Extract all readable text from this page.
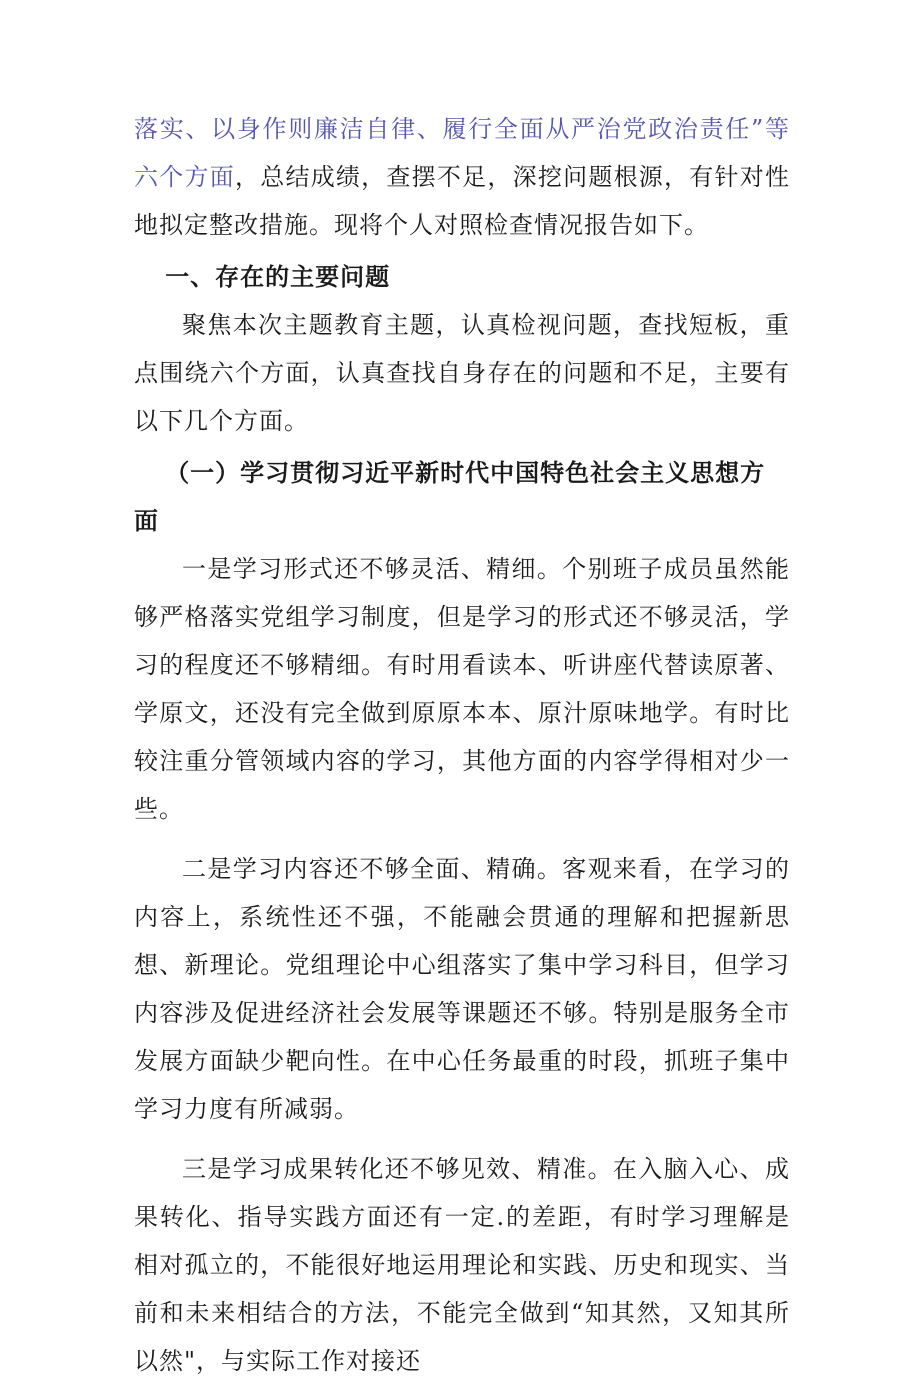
落实、以身作则廉洁自律、履行全面从严治党政治责任”等六个方面，总结成绩，查摆不足，深挖问题根源，有针对性地拟定整改措施。现将个人对照检查情况报告如下。

一、存在的主要问题

聚焦本次主题教育主题，认真检视问题，查找短板，重点围绕六个方面，认真查找自身存在的问题和不足，主要有以下几个方面。

（一）学习贯彻习近平新时代中国特色社会主义思想方面

一是学习形式还不够灵活、精细。个别班子成员虽然能够严格落实党组学习制度，但是学习的形式还不够灵活，学习的程度还不够精细。有时用看读本、听讲座代替读原著、学原文，还没有完全做到原原本本、原汁原味地学。有时比较注重分管领域内容的学习，其他方面的内容学得相对少一些。

二是学习内容还不够全面、精确。客观来看，在学习的内容上，系统性还不强，不能融会贯通的理解和把握新思想、新理论。党组理论中心组落实了集中学习科目，但学习内容涉及促进经济社会发展等课题还不够。特别是服务全市发展方面缺少靶向性。在中心任务最重的时段，抓班子集中学习力度有所减弱。

三是学习成果转化还不够见效、精准。在入脑入心、成果转化、指导实践方面还有一定.的差距，有时学习理解是相对孤立的，不能很好地运用理论和实践、历史和现实、当前和未来相结合的方法，不能完全做到“知其然，又知其所以然"，与实际工作对接还
